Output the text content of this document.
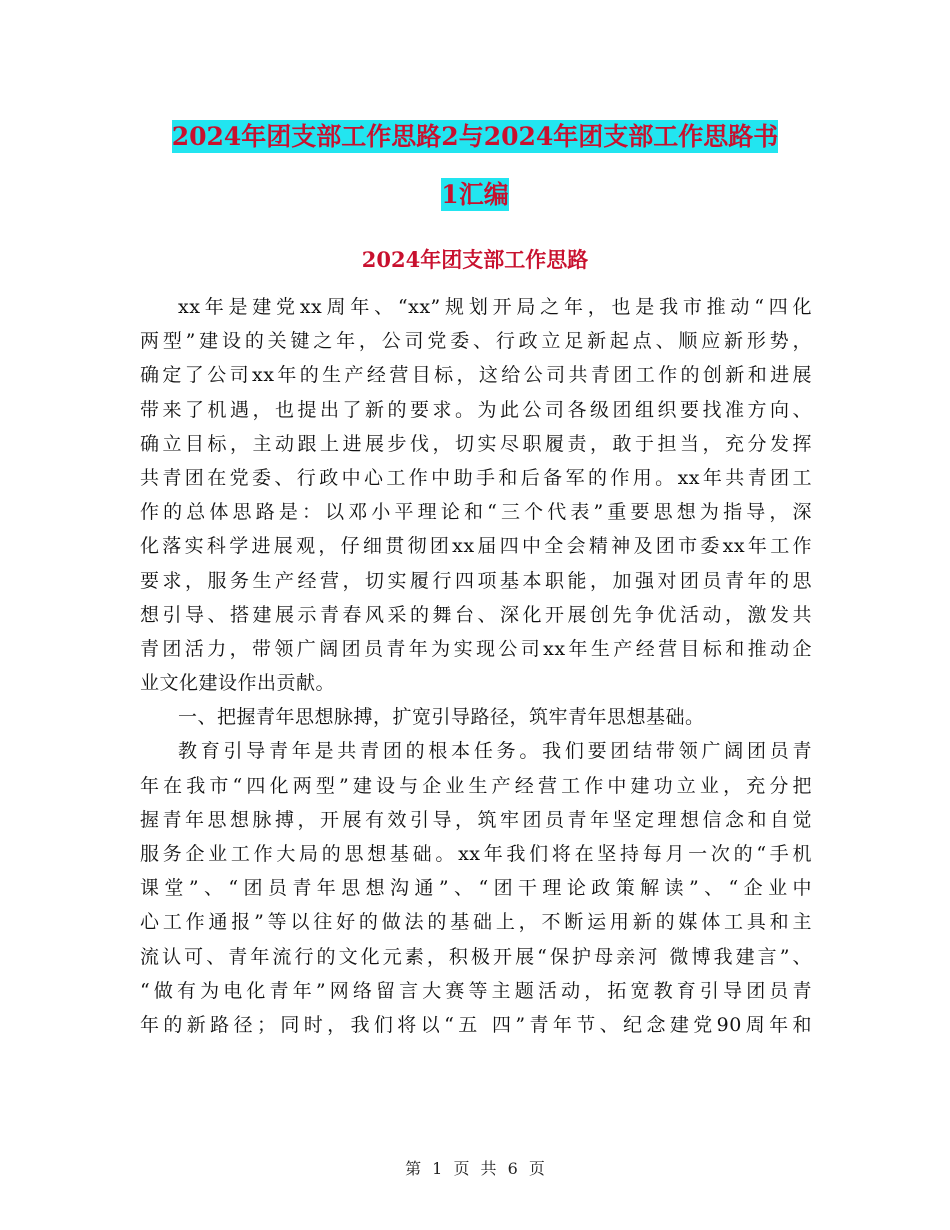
2024年团支部工作思路2与2024年团支部工作思路书
1汇编
2024年团支部工作思路
xx年是建党xx周年、“xx”规划开局之年，也是我市推动“四化
两型”建设的关键之年，公司党委、行政立足新起点、顺应新形势，
确定了公司xx年的生产经营目标，这给公司共青团工作的创新和进展
带来了机遇，也提出了新的要求。为此公司各级团组织要找准方向、
确立目标，主动跟上进展步伐，切实尽职履责，敢于担当，充分发挥
共青团在党委、行政中心工作中助手和后备军的作用。xx年共青团工
作的总体思路是：以邓小平理论和“三个代表”重要思想为指导，深
化落实科学进展观，仔细贯彻团xx届四中全会精神及团市委xx年工作
要求，服务生产经营，切实履行四项基本职能，加强对团员青年的思
想引导、搭建展示青春风采的舞台、深化开展创先争优活动，激发共
青团活力，带领广阔团员青年为实现公司xx年生产经营目标和推动企
业文化建设作出贡献。
一、把握青年思想脉搏，扩宽引导路径，筑牢青年思想基础。
教育引导青年是共青团的根本任务。我们要团结带领广阔团员青
年在我市“四化两型”建设与企业生产经营工作中建功立业，充分把
握青年思想脉搏，开展有效引导，筑牢团员青年坚定理想信念和自觉
服务企业工作大局的思想基础。xx年我们将在坚持每月一次的“手机
课堂”、“团员青年思想沟通”、“团干理论政策解读”、“企业中
心工作通报”等以往好的做法的基础上，不断运用新的媒体工具和主
流认可、青年流行的文化元素，积极开展“保护母亲河 微博我建言”、
“做有为电化青年”网络留言大赛等主题活动，拓宽教育引导团员青
年的新路径；同时，我们将以“五 四”青年节、纪念建党90周年和
第 1 页 共 6 页
